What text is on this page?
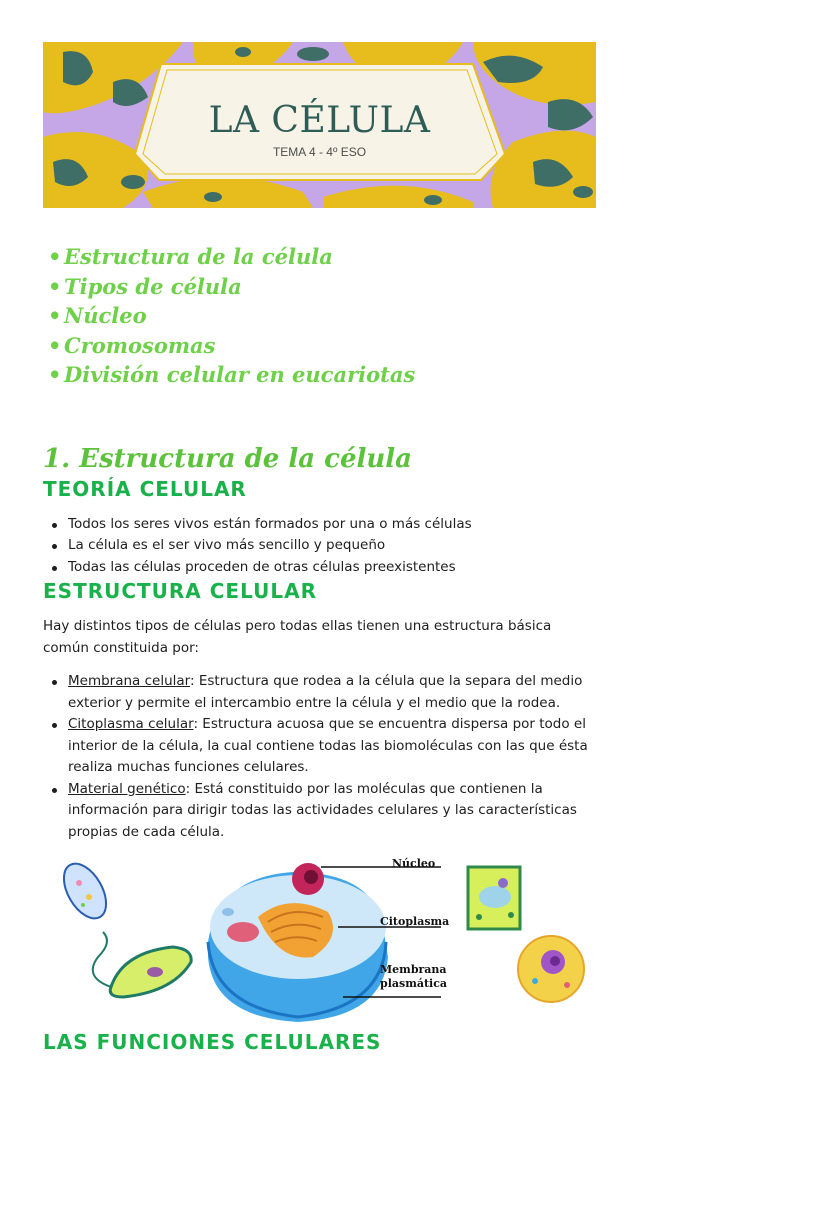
LA CÉLULA
TEMA 4 - 4º ESO
• Estructura de la célula
• Tipos de célula
• Núcleo
• Cromosomas
• División celular en eucariotas
1. Estructura de la célula
TEORÍA CELULAR
Todos los seres vivos están formados por una o más células
La célula es el ser vivo más sencillo y pequeño
Todas las células proceden de otras células preexistentes
ESTRUCTURA CELULAR

Hay distintos tipos de células pero todas ellas tienen una estructura básica común constituida por:

Membrana celular: Estructura que rodea a la célula que la separa del medio exterior y permite el intercambio entre la célula y el medio que la rodea.
Citoplasma celular: Estructura acuosa que se encuentra dispersa por todo el interior de la célula, la cual contiene todas las biomoléculas con las que ésta realiza muchas funciones celulares.
Material genético: Está constituido por las moléculas que contienen la información para dirigir todas las actividades celulares y las características propias de cada célula.
Núcleo
Citoplasma
Membrana
plasmática
LAS FUNCIONES CELULARES
